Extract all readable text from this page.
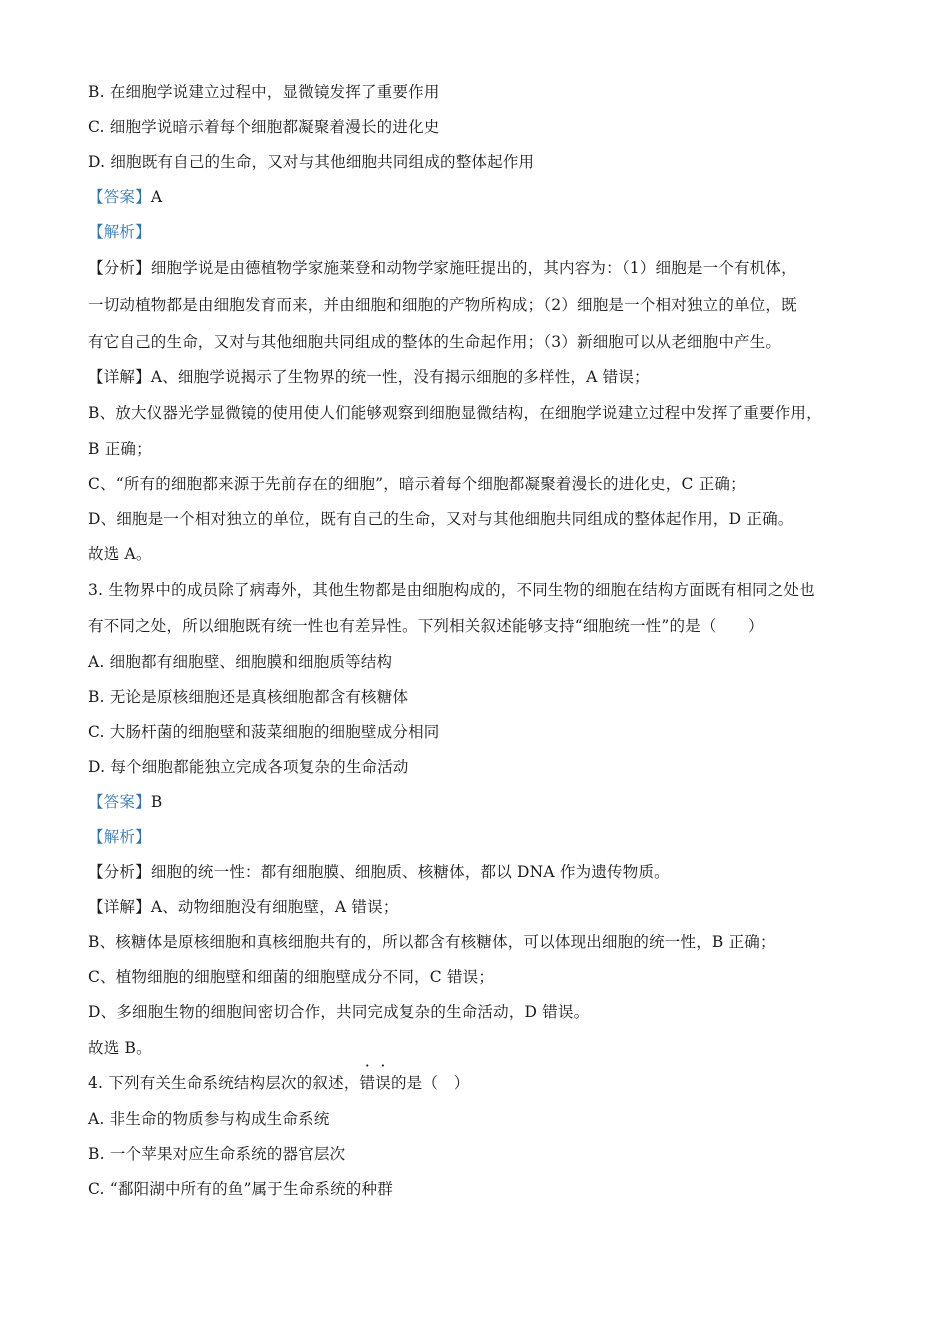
B. 在细胞学说建立过程中，显微镜发挥了重要作用
C. 细胞学说暗示着每个细胞都凝聚着漫长的进化史
D. 细胞既有自己的生命，又对与其他细胞共同组成的整体起作用
【答案】A
【解析】
【分析】细胞学说是由德植物学家施莱登和动物学家施旺提出的，其内容为：（1）细胞是一个有机体，
一切动植物都是由细胞发育而来，并由细胞和细胞的产物所构成；（2）细胞是一个相对独立的单位，既
有它自己的生命，又对与其他细胞共同组成的整体的生命起作用；（3）新细胞可以从老细胞中产生。
【详解】A、细胞学说揭示了生物界的统一性，没有揭示细胞的多样性，A 错误；
B、放大仪器光学显微镜的使用使人们能够观察到细胞显微结构，在细胞学说建立过程中发挥了重要作用，
B 正确；
C、“所有的细胞都来源于先前存在的细胞”，暗示着每个细胞都凝聚着漫长的进化史，C 正确；
D、细胞是一个相对独立的单位，既有自己的生命，又对与其他细胞共同组成的整体起作用，D 正确。
故选 A。
3. 生物界中的成员除了病毒外，其他生物都是由细胞构成的，不同生物的细胞在结构方面既有相同之处也
有不同之处，所以细胞既有统一性也有差异性。下列相关叙述能够支持“细胞统一性”的是（　　）
A. 细胞都有细胞壁、细胞膜和细胞质等结构
B. 无论是原核细胞还是真核细胞都含有核糖体
C. 大肠杆菌的细胞壁和菠菜细胞的细胞壁成分相同
D. 每个细胞都能独立完成各项复杂的生命活动
【答案】B
【解析】
【分析】细胞的统一性：都有细胞膜、细胞质、核糖体，都以 DNA 作为遗传物质。
【详解】A、动物细胞没有细胞壁，A 错误；
B、核糖体是原核细胞和真核细胞共有的，所以都含有核糖体，可以体现出细胞的统一性，B 正确；
C、植物细胞的细胞壁和细菌的细胞壁成分不同，C 错误；
D、多细胞生物的细胞间密切合作，共同完成复杂的生命活动，D 错误。
故选 B。
4. 下列有关生命系统结构层次的叙述，错误的是（　）
A. 非生命的物质参与构成生命系统
B. 一个苹果对应生命系统的器官层次
C. “鄱阳湖中所有的鱼”属于生命系统的种群
